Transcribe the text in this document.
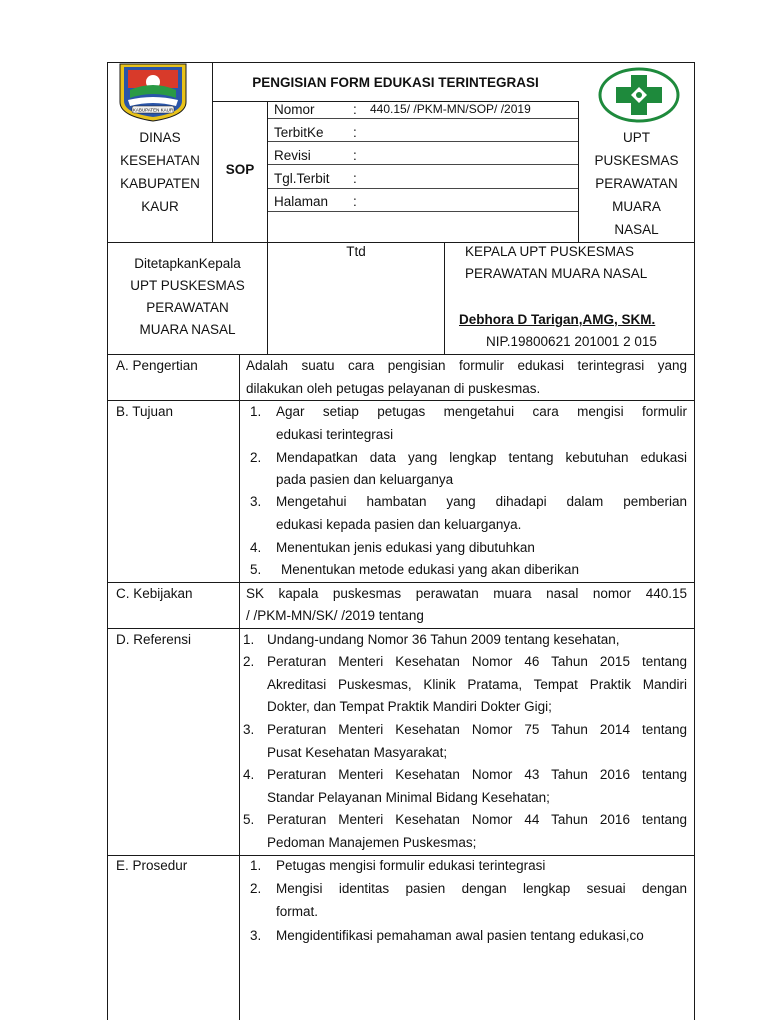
KABUPATEN KAUR
DINAS
KESEHATAN
KABUPATEN
KAUR
PENGISIAN FORM EDUKASI TERINTEGRASI
SOP
Nomor	: 440.15/ /PKM-MN/SOP/ /2019
TerbitKe :
Revisi	:
Tgl.Terbit :
Halaman :
UPT
PUSKESMAS
PERAWATAN
MUARA
NASAL
DitetapkanKepala
UPT PUSKESMAS
PERAWATAN
MUARA NASAL
Ttd	KEPALA UPT PUSKESMAS
PERAWATAN MUARA NASAL
Debhora D Tarigan,AMG, SKM.
NIP.19800621 201001 2 015
A. Pengertian	Adalah suatu cara pengisian formulir edukasi terintegrasi yang
dilakukan oleh petugas pelayanan di puskesmas.
B. Tujuan	1. Agar setiap petugas mengetahui cara mengisi formulir
edukasi terintegrasi
2. Mendapatkan data yang lengkap tentang kebutuhan edukasi
pada pasien dan keluarganya
3. Mengetahui hambatan yang dihadapi dalam pemberian
edukasi kepada pasien dan keluarganya.
4. Menentukan jenis edukasi yang dibutuhkan
5. Menentukan metode edukasi yang akan diberikan
C. Kebijakan	SK kapala puskesmas perawatan muara nasal nomor 440.15
/ /PKM-MN/SK/ /2019 tentang
D. Referensi	1. Undang-undang Nomor 36 Tahun 2009 tentang kesehatan,
2. Peraturan Menteri Kesehatan Nomor 46 Tahun 2015 tentang
Akreditasi Puskesmas, Klinik Pratama, Tempat Praktik Mandiri
Dokter, dan Tempat Praktik Mandiri Dokter Gigi;
3. Peraturan Menteri Kesehatan Nomor 75 Tahun 2014 tentang
Pusat Kesehatan Masyarakat;
4. Peraturan Menteri Kesehatan Nomor 43 Tahun 2016 tentang
Standar Pelayanan Minimal Bidang Kesehatan;
5. Peraturan Menteri Kesehatan Nomor 44 Tahun 2016 tentang
Pedoman Manajemen Puskesmas;
E. Prosedur	1. Petugas mengisi formulir edukasi terintegrasi
2. Mengisi identitas pasien dengan lengkap sesuai dengan
format.
3. Mengidentifikasi pemahaman awal pasien tentang edukasi,co
